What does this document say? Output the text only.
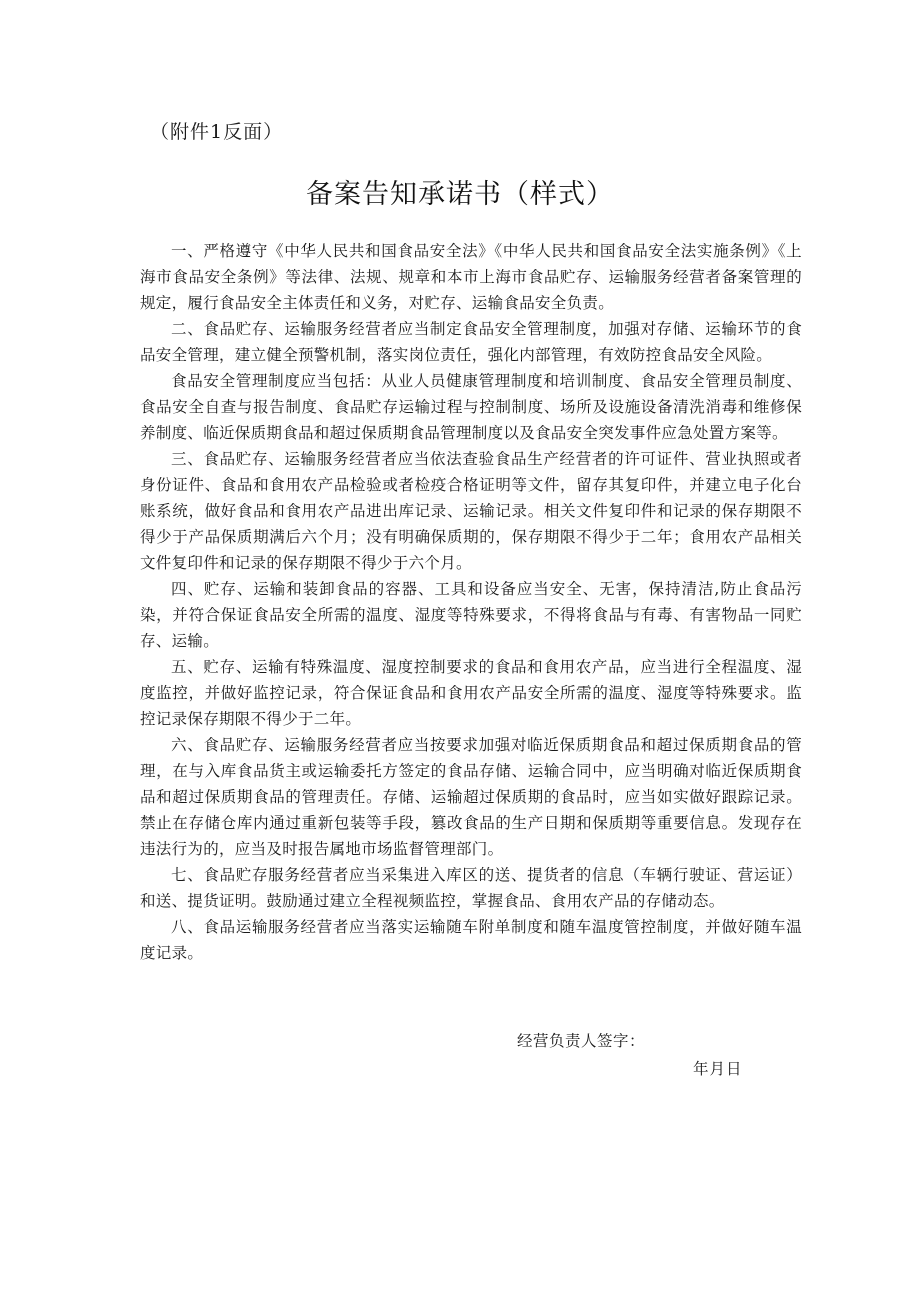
（附件1反面）
备案告知承诺书（样式）

一、严格遵守《中华人民共和国食品安全法》《中华人民共和国食品安全法实施条例》《上海市食品安全条例》等法律、法规、规章和本市上海市食品贮存、运输服务经营者备案管理的规定，履行食品安全主体责任和义务，对贮存、运输食品安全负责。

二、食品贮存、运输服务经营者应当制定食品安全管理制度，加强对存储、运输环节的食品安全管理，建立健全预警机制，落实岗位责任，强化内部管理，有效防控食品安全风险。

食品安全管理制度应当包括：从业人员健康管理制度和培训制度、食品安全管理员制度、食品安全自查与报告制度、食品贮存运输过程与控制制度、场所及设施设备清洗消毒和维修保养制度、临近保质期食品和超过保质期食品管理制度以及食品安全突发事件应急处置方案等。

三、食品贮存、运输服务经营者应当依法查验食品生产经营者的许可证件、营业执照或者身份证件、食品和食用农产品检验或者检疫合格证明等文件，留存其复印件，并建立电子化台账系统，做好食品和食用农产品进出库记录、运输记录。相关文件复印件和记录的保存期限不得少于产品保质期满后六个月；没有明确保质期的，保存期限不得少于二年；食用农产品相关文件复印件和记录的保存期限不得少于六个月。

四、贮存、运输和装卸食品的容器、工具和设备应当安全、无害，保持清洁,防止食品污染，并符合保证食品安全所需的温度、湿度等特殊要求，不得将食品与有毒、有害物品一同贮存、运输。

五、贮存、运输有特殊温度、湿度控制要求的食品和食用农产品，应当进行全程温度、湿度监控，并做好监控记录，符合保证食品和食用农产品安全所需的温度、湿度等特殊要求。监控记录保存期限不得少于二年。

六、食品贮存、运输服务经营者应当按要求加强对临近保质期食品和超过保质期食品的管理，在与入库食品货主或运输委托方签定的食品存储、运输合同中，应当明确对临近保质期食品和超过保质期食品的管理责任。存储、运输超过保质期的食品时，应当如实做好跟踪记录。禁止在存储仓库内通过重新包装等手段，篡改食品的生产日期和保质期等重要信息。发现存在违法行为的，应当及时报告属地市场监督管理部门。

七、食品贮存服务经营者应当采集进入库区的送、提货者的信息（车辆行驶证、营运证）和送、提货证明。鼓励通过建立全程视频监控，掌握食品、食用农产品的存储动态。

八、食品运输服务经营者应当落实运输随车附单制度和随车温度管控制度，并做好随车温度记录。

经营负责人签字：
年月日
